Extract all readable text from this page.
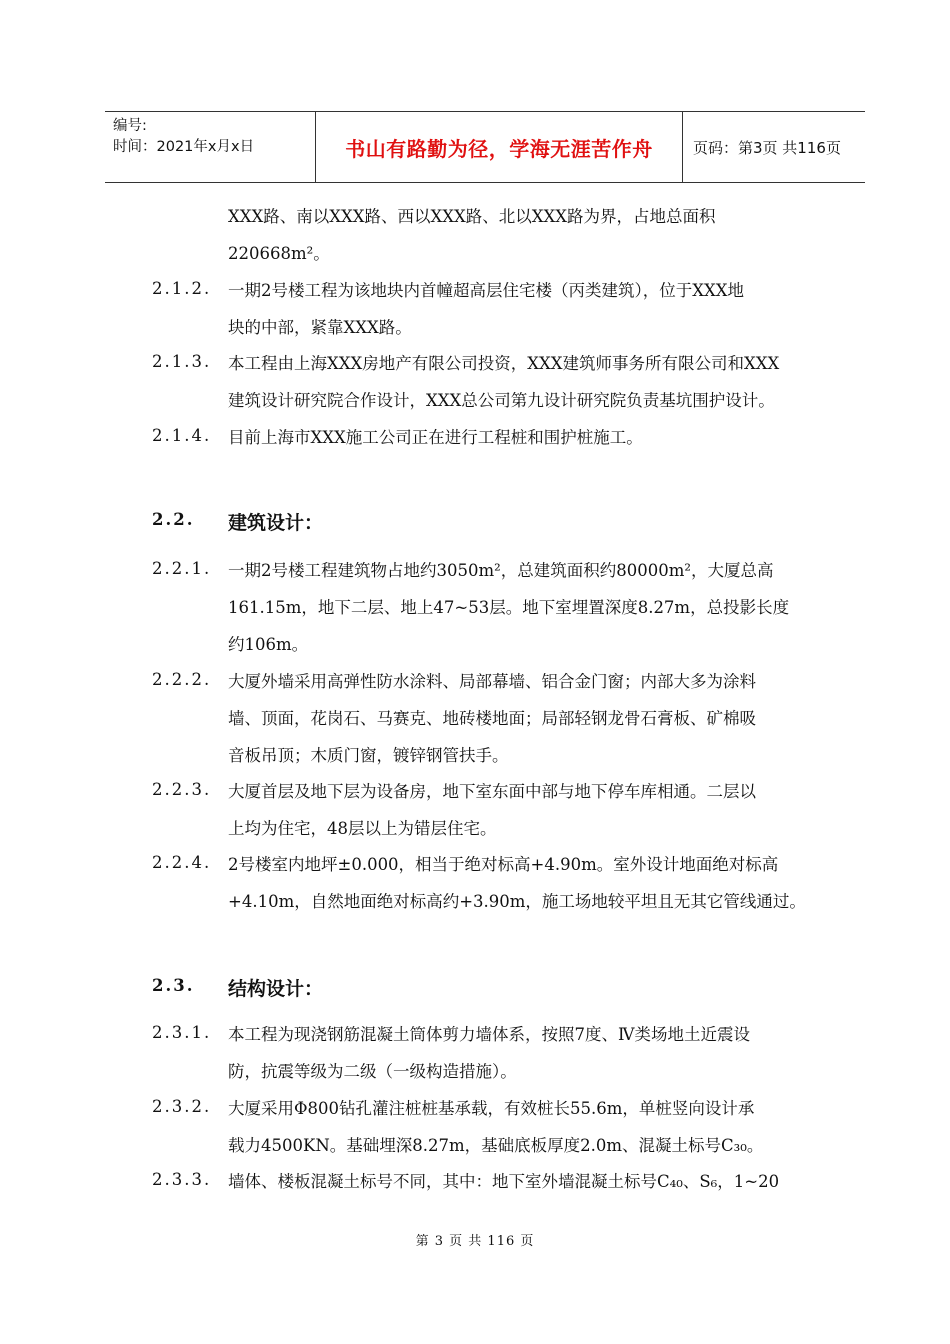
编号:
时间：2021年x月x日	书山有路勤为径，学海无涯苦作舟	页码：第3页 共116页
XXX路、南以XXX路、西以XXX路、北以XXX路为界，占地总面积
220668m²。
2.1.2. 一期2号楼工程为该地块内首幢超高层住宅楼（丙类建筑），位于XXX地
块的中部，紧靠XXX路。
2.1.3. 本工程由上海XXX房地产有限公司投资，XXX建筑师事务所有限公司和XXX
建筑设计研究院合作设计，XXX总公司第九设计研究院负责基坑围护设计。
2.1.4. 目前上海市XXX施工公司正在进行工程桩和围护桩施工。
2.2. 建筑设计：
2.2.1. 一期2号楼工程建筑物占地约3050m²，总建筑面积约80000m²，大厦总高
161.15m，地下二层、地上47~53层。地下室埋置深度8.27m，总投影长度
约106m。
2.2.2. 大厦外墙采用高弹性防水涂料、局部幕墙、铝合金门窗；内部大多为涂料
墙、顶面，花岗石、马赛克、地砖楼地面；局部轻钢龙骨石膏板、矿棉吸
音板吊顶；木质门窗，镀锌钢管扶手。
2.2.3. 大厦首层及地下层为设备房，地下室东面中部与地下停车库相通。二层以
上均为住宅，48层以上为错层住宅。
2.2.4. 2号楼室内地坪±0.000，相当于绝对标高+4.90m。室外设计地面绝对标高
+4.10m，自然地面绝对标高约+3.90m，施工场地较平坦且无其它管线通过。
2.3. 结构设计：
2.3.1. 本工程为现浇钢筋混凝土筒体剪力墙体系，按照7度、Ⅳ类场地土近震设
防，抗震等级为二级（一级构造措施）。
2.3.2. 大厦采用Φ800钻孔灌注桩桩基承载，有效桩长55.6m，单桩竖向设计承
载力4500KN。基础埋深8.27m，基础底板厚度2.0m、混凝土标号C₃₀。
2.3.3. 墙体、楼板混凝土标号不同，其中：地下室外墙混凝土标号C₄₀、S₆，1~20
第 3 页 共 116 页
